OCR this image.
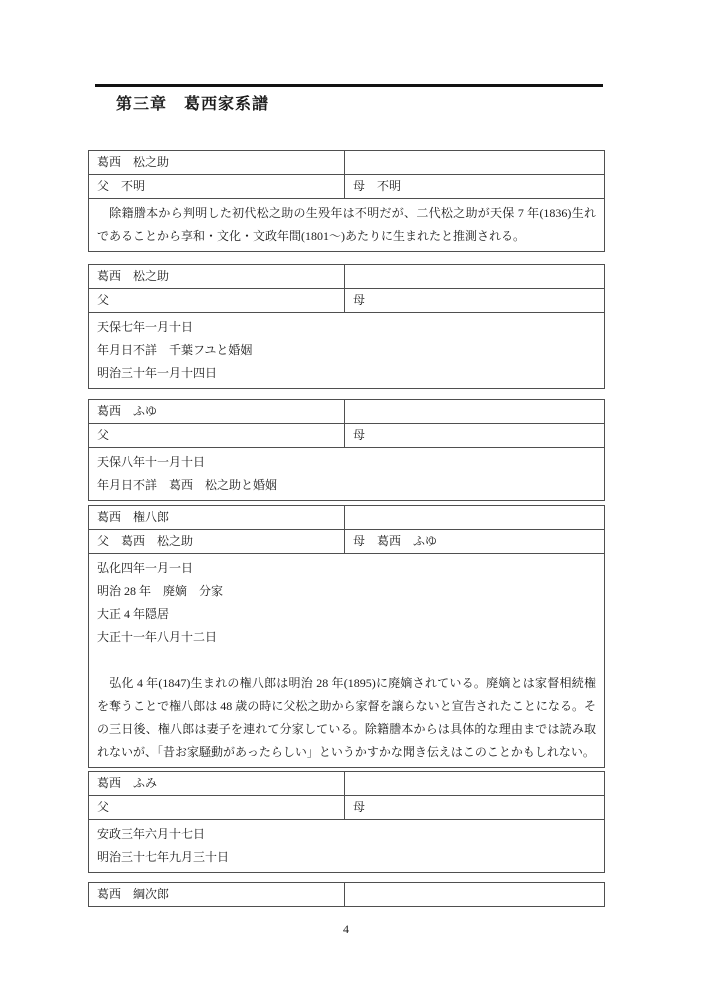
第三章　葛西家系譜
葛西　松之助	
父　不明	母　不明

　除籍謄本から判明した初代松之助の生殁年は不明だが、二代松之助が天保 7 年(1836)生れであることから享和・文化・文政年間(1801〜)あたりに生まれたと推測される。	

葛西　松之助	
父	母

天保七年一月十日
年月日不詳　千葉フユと婚姻
明治三十年一月十四日	
葛西　ふゆ	
父	母

天保八年十一月十日
年月日不詳　葛西　松之助と婚姻	
葛西　権八郎	
父　葛西　松之助	母　葛西　ふゆ

弘化四年一月一日
明治 28 年　廃嫡　分家
大正 4 年隠居
大正十一年八月十二日

　弘化 4 年(1847)生まれの権八郎は明治 28 年(1895)に廃嫡されている。廃嫡とは家督相続権を奪うことで権八郎は 48 歳の時に父松之助から家督を譲らないと宣告されたことになる。その三日後、権八郎は妻子を連れて分家している。除籍謄本からは具体的な理由までは読み取れないが、「昔お家騒動があったらしい」というかすかな聞き伝えはこのことかもしれない。	

葛西　ふみ	
父	母

安政三年六月十七日
明治三十七年九月三十日	
葛西　綱次郎	
4
